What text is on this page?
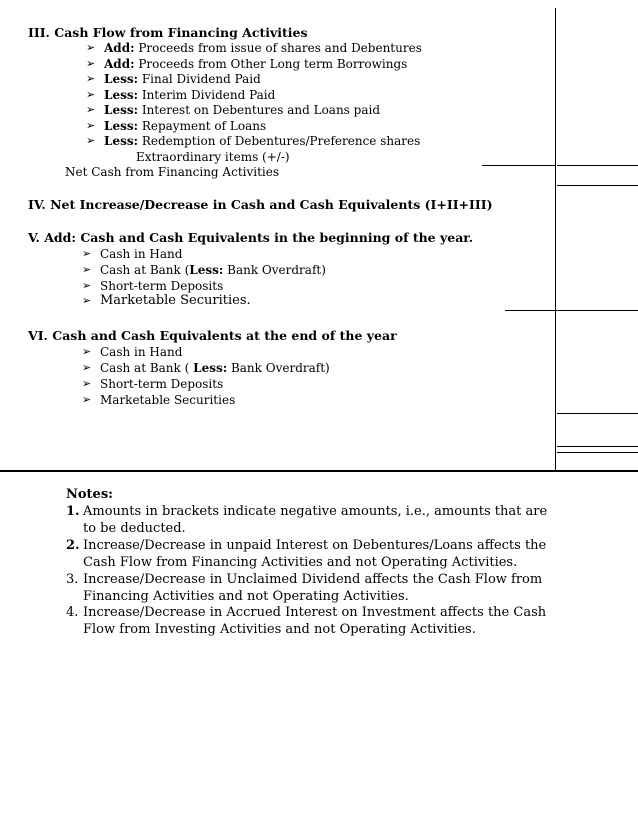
III. Cash Flow from Financing Activities
➢ Add: Proceeds from issue of shares and Debentures
➢ Add: Proceeds from Other Long term Borrowings
➢ Less: Final Dividend Paid
➢ Less: Interim Dividend Paid
➢ Less: Interest on Debentures and Loans paid
➢ Less: Repayment of Loans
➢ Less: Redemption of Debentures/Preference shares
Extraordinary items (+/-)
Net Cash from Financing Activities
IV. Net Increase/Decrease in Cash and Cash Equivalents (I+II+III)
V. Add: Cash and Cash Equivalents in the beginning of the year.
➢ Cash in Hand
➢ Cash at Bank (Less: Bank Overdraft)
➢ Short-term Deposits
➢ Marketable Securities.
VI. Cash and Cash Equivalents at the end of the year
➢ Cash in Hand
➢ Cash at Bank ( Less: Bank Overdraft)
➢ Short-term Deposits
➢ Marketable Securities
Notes:
1. Amounts in brackets indicate negative amounts, i.e., amounts that are to be deducted.
2. Increase/Decrease in unpaid Interest on Debentures/Loans affects the Cash Flow from Financing Activities and not Operating Activities.
3. Increase/Decrease in Unclaimed Dividend affects the Cash Flow from Financing Activities and not Operating Activities.
4. Increase/Decrease in Accrued Interest on Investment affects the Cash Flow from Investing Activities and not Operating Activities.
